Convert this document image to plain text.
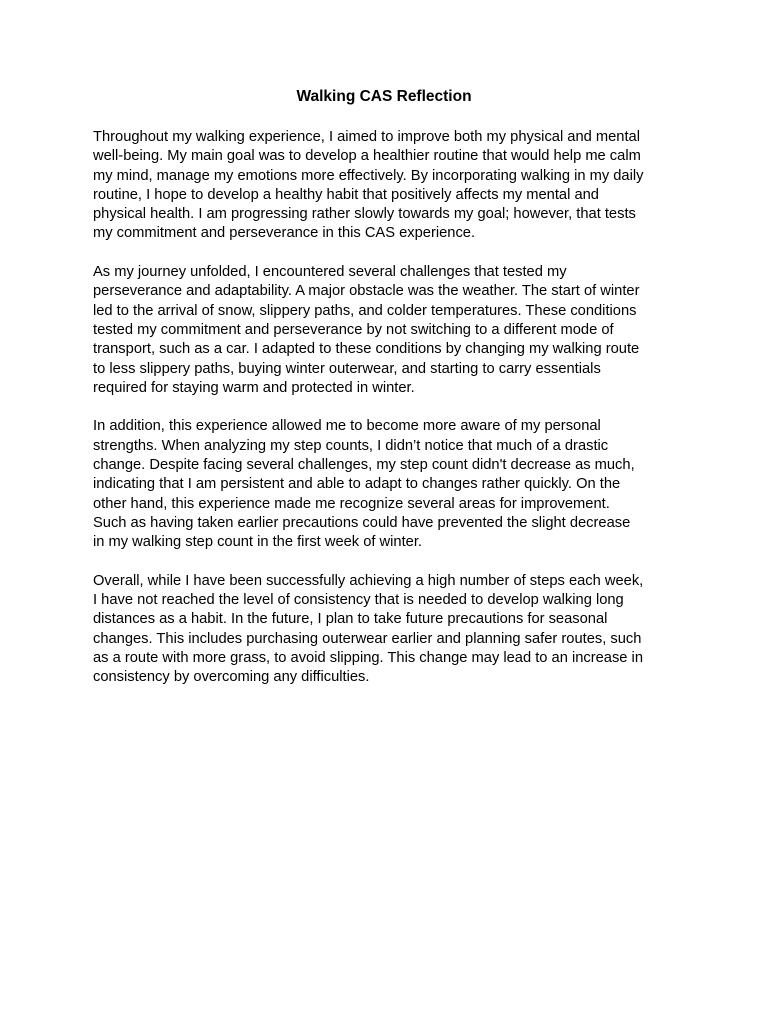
Walking CAS Reflection

Throughout my walking experience, I aimed to improve both my physical and mental
well-being. My main goal was to develop a healthier routine that would help me calm
my mind, manage my emotions more effectively. By incorporating walking in my daily
routine, I hope to develop a healthy habit that positively affects my mental and
physical health. I am progressing rather slowly towards my goal; however, that tests
my commitment and perseverance in this CAS experience.

As my journey unfolded, I encountered several challenges that tested my
perseverance and adaptability. A major obstacle was the weather. The start of winter
led to the arrival of snow, slippery paths, and colder temperatures. These conditions
tested my commitment and perseverance by not switching to a different mode of
transport, such as a car. I adapted to these conditions by changing my walking route
to less slippery paths, buying winter outerwear, and starting to carry essentials
required for staying warm and protected in winter.

In addition, this experience allowed me to become more aware of my personal
strengths. When analyzing my step counts, I didn’t notice that much of a drastic
change. Despite facing several challenges, my step count didn't decrease as much,
indicating that I am persistent and able to adapt to changes rather quickly. On the
other hand, this experience made me recognize several areas for improvement.
Such as having taken earlier precautions could have prevented the slight decrease
in my walking step count in the first week of winter.

Overall, while I have been successfully achieving a high number of steps each week,
I have not reached the level of consistency that is needed to develop walking long
distances as a habit. In the future, I plan to take future precautions for seasonal
changes. This includes purchasing outerwear earlier and planning safer routes, such
as a route with more grass, to avoid slipping. This change may lead to an increase in
consistency by overcoming any difficulties.
